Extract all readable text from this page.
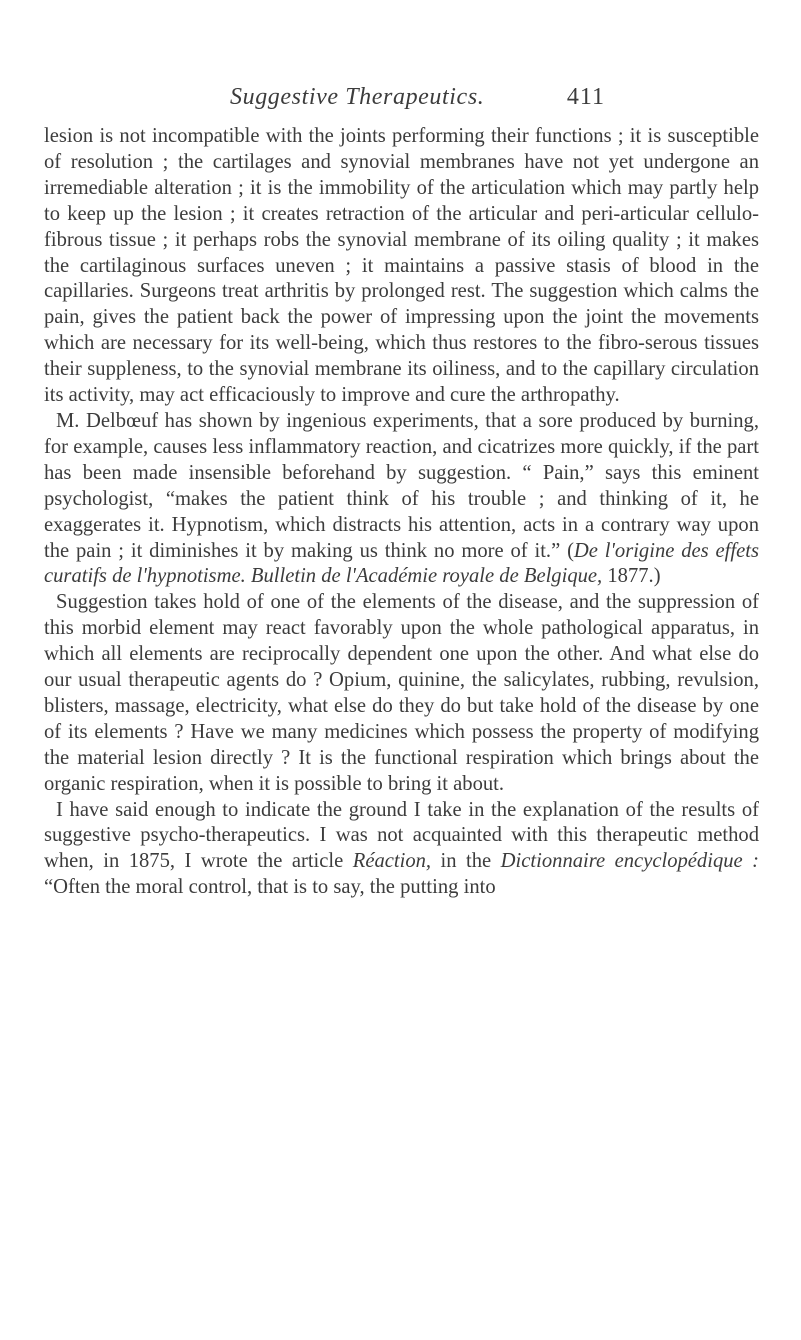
Suggestive Therapeutics.	411

lesion is not incompatible with the joints performing their functions ; it is susceptible of resolution ; the cartilages and synovial membranes have not yet undergone an irremediable alteration ; it is the immobility of the articulation which may partly help to keep up the lesion ; it creates retraction of the articular and peri-articular cellulo-fibrous tissue ; it perhaps robs the synovial membrane of its oiling quality ; it makes the cartilaginous surfaces uneven ; it maintains a passive stasis of blood in the capillaries. Surgeons treat arthritis by prolonged rest. The suggestion which calms the pain, gives the patient back the power of impressing upon the joint the movements which are necessary for its well-being, which thus restores to the fibro-serous tissues their suppleness, to the synovial membrane its oiliness, and to the capillary circulation its activity, may act efficaciously to improve and cure the arthropathy.

M. Delbœuf has shown by ingenious experiments, that a sore produced by burning, for example, causes less inflammatory reaction, and cicatrizes more quickly, if the part has been made insensible beforehand by suggestion. “ Pain,” says this eminent psychologist, “makes the patient think of his trouble ; and thinking of it, he exaggerates it. Hypnotism, which distracts his attention, acts in a contrary way upon the pain ; it diminishes it by making us think no more of it.” (De l'origine des effets curatifs de l'hypnotisme. Bulletin de l'Académie royale de Belgique, 1877.)

Suggestion takes hold of one of the elements of the disease, and the suppression of this morbid element may react favorably upon the whole pathological apparatus, in which all elements are reciprocally dependent one upon the other. And what else do our usual therapeutic agents do ? Opium, quinine, the salicylates, rubbing, revulsion, blisters, massage, electricity, what else do they do but take hold of the disease by one of its elements ? Have we many medicines which possess the property of modifying the material lesion directly ? It is the functional respiration which brings about the organic respiration, when it is possible to bring it about.

I have said enough to indicate the ground I take in the explanation of the results of suggestive psycho-therapeutics. I was not acquainted with this therapeutic method when, in 1875, I wrote the article Réaction, in the Dictionnaire encyclopédique : “Often the moral control, that is to say, the putting into
